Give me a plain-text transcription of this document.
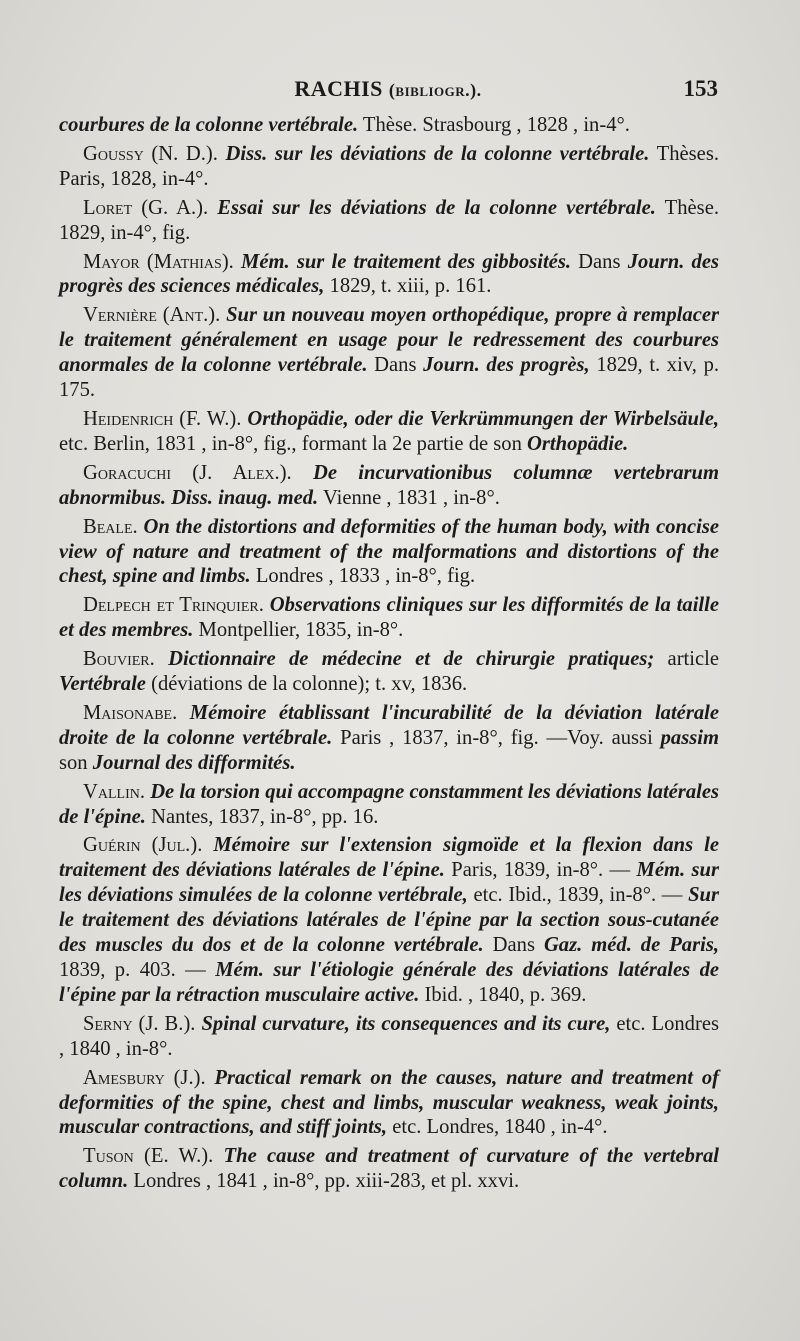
RACHIS (bibliogr.).	153

courbures de la colonne vertébrale. Thèse. Strasbourg , 1828 , in-4°.

Goussy (N. D.). Diss. sur les déviations de la colonne vertébrale. Thèses. Paris, 1828, in-4°.

Loret (G. A.). Essai sur les déviations de la colonne vertébrale. Thèse. 1829, in-4°, fig.

Mayor (Mathias). Mém. sur le traitement des gibbosités. Dans Journ. des progrès des sciences médicales, 1829, t. xiii, p. 161.

Vernière (Ant.). Sur un nouveau moyen orthopédique, propre à remplacer le traitement généralement en usage pour le redressement des courbures anormales de la colonne vertébrale. Dans Journ. des progrès, 1829, t. xiv, p. 175.

Heidenrich (F. W.). Orthopädie, oder die Verkrümmungen der Wirbelsäule, etc. Berlin, 1831 , in-8°, fig., formant la 2e partie de son Orthopädie.

Goracuchi (J. Alex.). De incurvationibus columnæ vertebrarum abnormibus. Diss. inaug. med. Vienne , 1831 , in-8°.

Beale. On the distortions and deformities of the human body, with concise view of nature and treatment of the malformations and distortions of the chest, spine and limbs. Londres , 1833 , in-8°, fig.

Delpech et Trinquier. Observations cliniques sur les difformités de la taille et des membres. Montpellier, 1835, in-8°.

Bouvier. Dictionnaire de médecine et de chirurgie pratiques; article Vertébrale (déviations de la colonne); t. xv, 1836.

Maisonabe. Mémoire établissant l'incurabilité de la déviation latérale droite de la colonne vertébrale. Paris , 1837, in-8°, fig. —Voy. aussi passim son Journal des difformités.

Vallin. De la torsion qui accompagne constamment les déviations latérales de l'épine. Nantes, 1837, in-8°, pp. 16.

Guérin (Jul.). Mémoire sur l'extension sigmoïde et la flexion dans le traitement des déviations latérales de l'épine. Paris, 1839, in-8°. — Mém. sur les déviations simulées de la colonne vertébrale, etc. Ibid., 1839, in-8°. — Sur le traitement des déviations latérales de l'épine par la section sous-cutanée des muscles du dos et de la colonne vertébrale. Dans Gaz. méd. de Paris, 1839, p. 403. — Mém. sur l'étiologie générale des déviations latérales de l'épine par la rétraction musculaire active. Ibid. , 1840, p. 369.

Serny (J. B.). Spinal curvature, its consequences and its cure, etc. Londres , 1840 , in-8°.

Amesbury (J.). Practical remark on the causes, nature and treatment of deformities of the spine, chest and limbs, muscular weakness, weak joints, muscular contractions, and stiff joints, etc. Londres, 1840 , in-4°.

Tuson (E. W.). The cause and treatment of curvature of the vertebral column. Londres , 1841 , in-8°, pp. xiii-283, et pl. xxvi.
